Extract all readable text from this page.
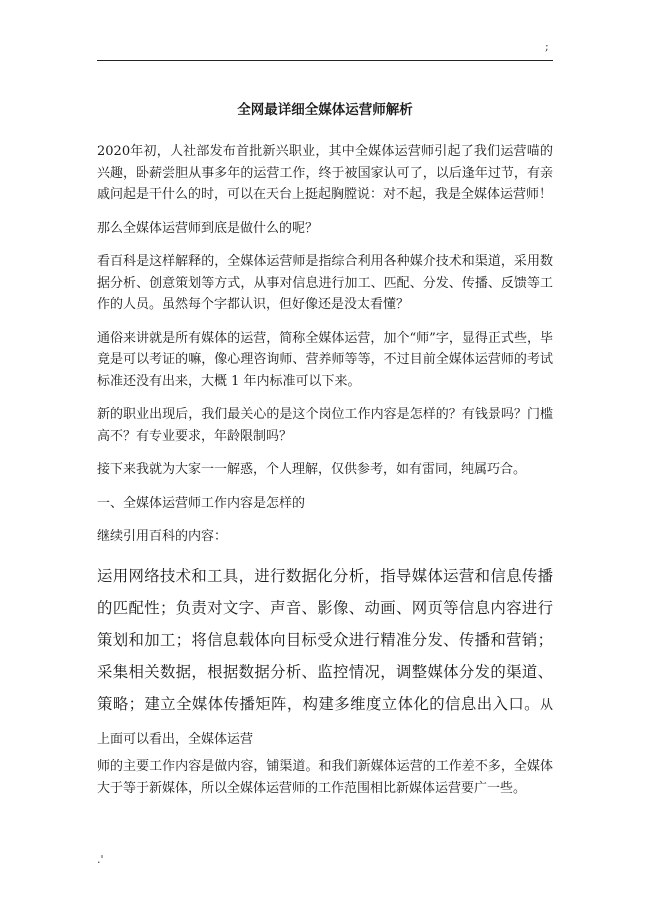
;
全网最详细全媒体运营师解析

2020年初，人社部发布首批新兴职业，其中全媒体运营师引起了我们运营喵的兴趣，卧薪尝胆从事多年的运营工作，终于被国家认可了，以后逢年过节，有亲戚问起是干什么的时，可以在天台上挺起胸膛说：对不起，我是全媒体运营师！

那么全媒体运营师到底是做什么的呢？

看百科是这样解释的，全媒体运营师是指综合利用各种媒介技术和渠道，采用数据分析、创意策划等方式，从事对信息进行加工、匹配、分发、传播、反馈等工作的人员。虽然每个字都认识，但好像还是没太看懂？

通俗来讲就是所有媒体的运营，简称全媒体运营，加个“师”字，显得正式些，毕竟是可以考证的嘛，像心理咨询师、营养师等等，不过目前全媒体运营师的考试标准还没有出来，大概 1 年内标准可以下来。

新的职业出现后，我们最关心的是这个岗位工作内容是怎样的？有钱景吗？门槛高不？有专业要求，年龄限制吗？

接下来我就为大家一一解惑，个人理解，仅供参考，如有雷同，纯属巧合。

一、全媒体运营师工作内容是怎样的

继续引用百科的内容：

运用网络技术和工具，进行数据化分析，指导媒体运营和信息传播的匹配性；负责对文字、声音、影像、动画、网页等信息内容进行策划和加工；将信息载体向目标受众进行精准分发、传播和营销；采集相关数据，根据数据分析、监控情况，调整媒体分发的渠道、策略；建立全媒体传播矩阵，构建多维度立体化的信息出入口。从上面可以看出，全媒体运营

师的主要工作内容是做内容，铺渠道。和我们新媒体运营的工作差不多，全媒体大于等于新媒体，所以全媒体运营师的工作范围相比新媒体运营要广一些。

.'
